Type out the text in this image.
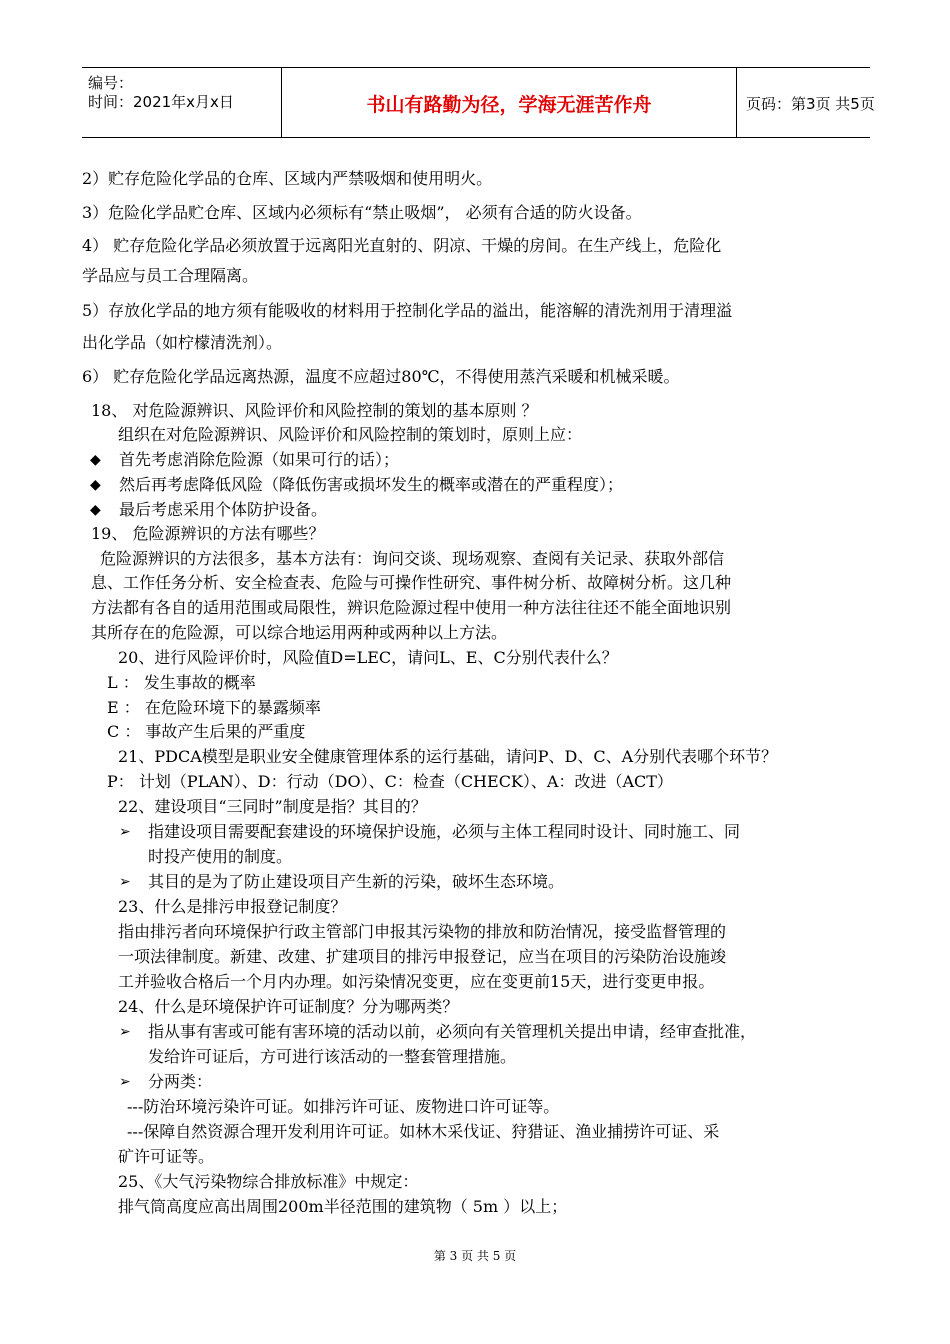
编号：
时间：2021年x月x日	书山有路勤为径，学海无涯苦作舟	页码：第3页 共5页
2）贮存危险化学品的仓库、区域内严禁吸烟和使用明火。
3）危险化学品贮仓库、区域内必须标有“禁止吸烟”， 必须有合适的防火设备。
4） 贮存危险化学品必须放置于远离阳光直射的、阴凉、干燥的房间。在生产线上，危险化
学品应与员工合理隔离。
5）存放化学品的地方须有能吸收的材料用于控制化学品的溢出，能溶解的清洗剂用于清理溢
出化学品（如柠檬清洗剂）。
6） 贮存危险化学品远离热源，温度不应超过80℃，不得使用蒸汽采暖和机械采暖。
18、 对危险源辨识、风险评价和风险控制的策划的基本原则 ？
组织在对危险源辨识、风险评价和风险控制的策划时，原则上应：
◆ 首先考虑消除危险源（如果可行的话）；
◆ 然后再考虑降低风险（降低伤害或损坏发生的概率或潜在的严重程度）；
◆ 最后考虑采用个体防护设备。
19、 危险源辨识的方法有哪些？
危险源辨识的方法很多，基本方法有：询问交谈、现场观察、查阅有关记录、获取外部信
息、工作任务分析、安全检查表、危险与可操作性研究、事件树分析、故障树分析。这几种
方法都有各自的适用范围或局限性，辨识危险源过程中使用一种方法往往还不能全面地识别
其所存在的危险源，可以综合地运用两种或两种以上方法。
20、进行风险评价时，风险值D=LEC，请问L、E、C分别代表什么？
L ： 发生事故的概率
E ： 在危险环境下的暴露频率
C ： 事故产生后果的严重度
21、PDCA模型是职业安全健康管理体系的运行基础，请问P、D、C、A分别代表哪个环节？
P： 计划（PLAN）、D：行动（DO）、C：检查（CHECK）、A：改进（ACT）
22、建设项目“三同时”制度是指？其目的？
➢ 指建设项目需要配套建设的环境保护设施，必须与主体工程同时设计、同时施工、同
时投产使用的制度。
➢ 其目的是为了防止建设项目产生新的污染，破坏生态环境。
23、什么是排污申报登记制度？
指由排污者向环境保护行政主管部门申报其污染物的排放和防治情况，接受监督管理的
一项法律制度。新建、改建、扩建项目的排污申报登记，应当在项目的污染防治设施竣
工并验收合格后一个月内办理。如污染情况变更，应在变更前15天，进行变更申报。
24、什么是环境保护许可证制度？分为哪两类？
➢ 指从事有害或可能有害环境的活动以前，必须向有关管理机关提出申请，经审查批准，
发给许可证后，方可进行该活动的一整套管理措施。
➢ 分两类：
---防治环境污染许可证。如排污许可证、废物进口许可证等。
---保障自然资源合理开发利用许可证。如林木采伐证、狩猎证、渔业捕捞许可证、采
矿许可证等。
25、《大气污染物综合排放标准》中规定：
排气筒高度应高出周围200m半径范围的建筑物（ 5m ）以上；
第 3 页 共 5 页
